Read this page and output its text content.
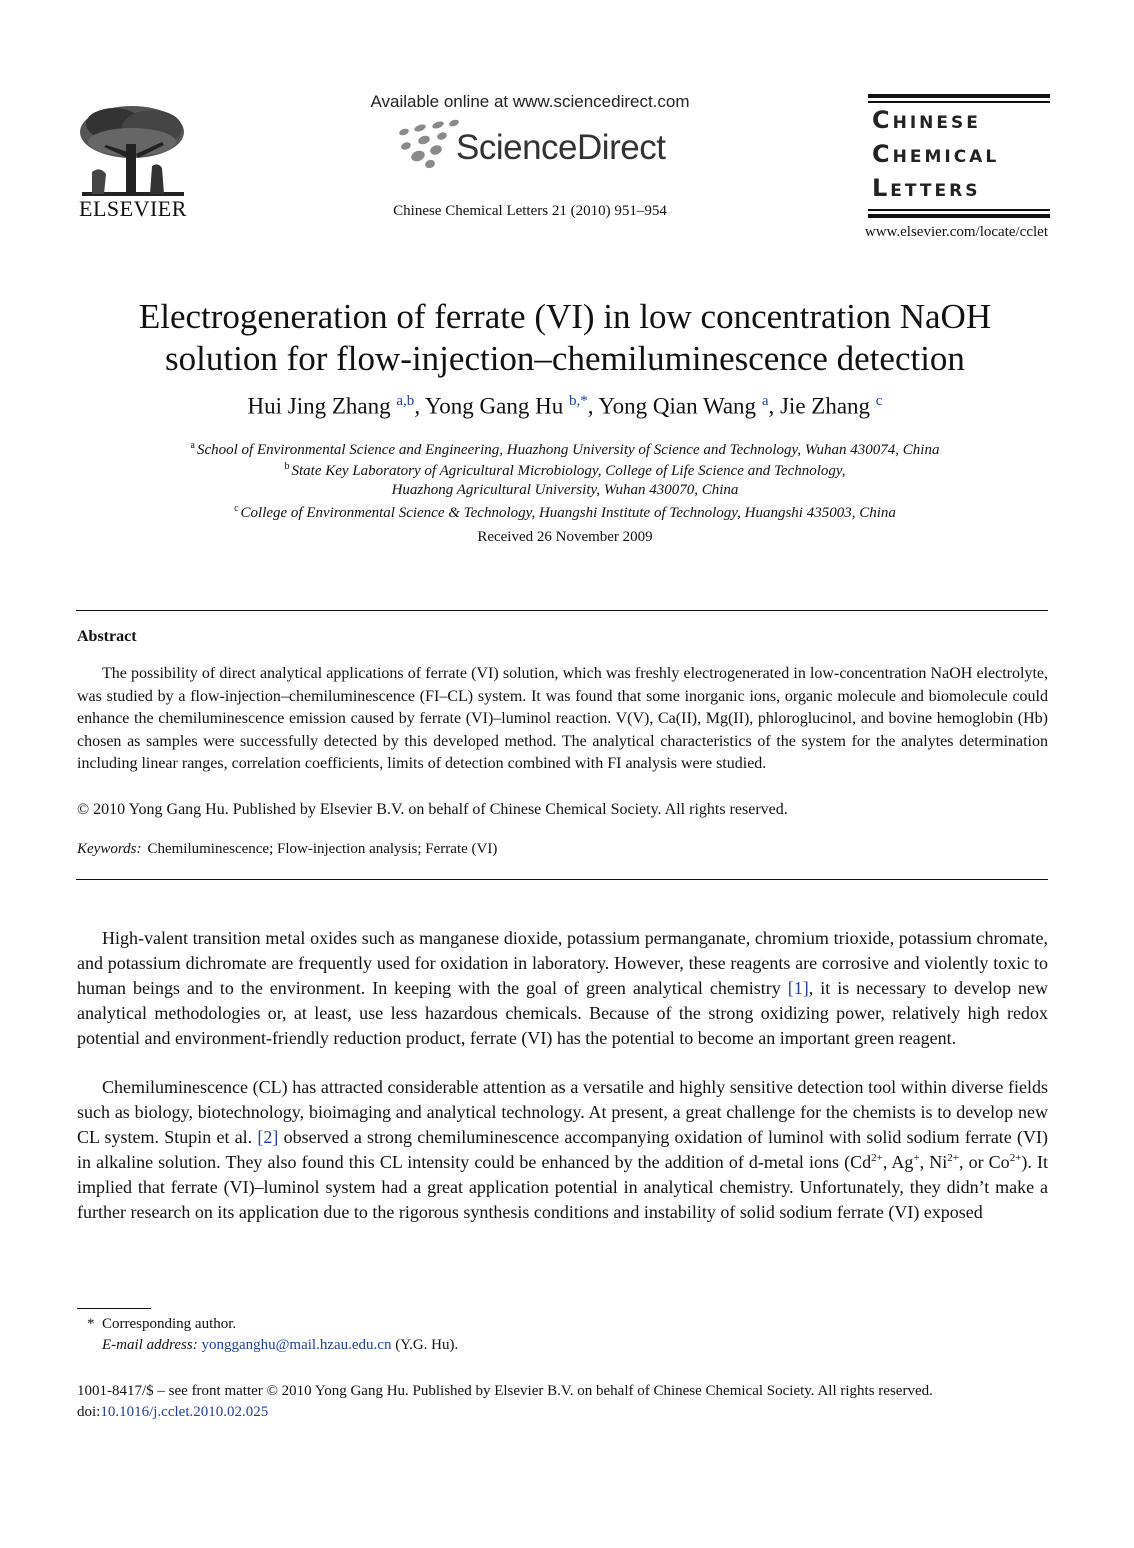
ELSEVIER
Available online at www.sciencedirect.com
ScienceDirect
Chinese Chemical Letters 21 (2010) 951–954
Chinese
Chemical
Letters
www.elsevier.com/locate/cclet
Electrogeneration of ferrate (VI) in low concentration NaOH
solution for flow-injection–chemiluminescence detection
Hui Jing Zhang $^{a,b}$, Yong Gang Hu $^{b,*}$, Yong Qian Wang $^a$, Jie Zhang $^c$
$^a$ School of Environmental Science and Engineering, Huazhong University of Science and Technology, Wuhan 430074, China
$^b$ State Key Laboratory of Agricultural Microbiology, College of Life Science and Technology,
Huazhong Agricultural University, Wuhan 430070, China
$^c$ College of Environmental Science & Technology, Huangshi Institute of Technology, Huangshi 435003, China
Received 26 November 2009
Abstract
The possibility of direct analytical applications of ferrate (VI) solution, which was freshly electrogenerated in low-concentration NaOH electrolyte, was studied by a flow-injection–chemiluminescence (FI–CL) system. It was found that some inorganic ions, organic molecule and biomolecule could enhance the chemiluminescence emission caused by ferrate (VI)–luminol reaction. V(V), Ca(II), Mg(II), phloroglucinol, and bovine hemoglobin (Hb) chosen as samples were successfully detected by this developed method. The analytical characteristics of the system for the analytes determination including linear ranges, correlation coefficients, limits of detection combined with FI analysis were studied.
© 2010 Yong Gang Hu. Published by Elsevier B.V. on behalf of Chinese Chemical Society. All rights reserved.
Keywords: Chemiluminescence; Flow-injection analysis; Ferrate (VI)
High-valent transition metal oxides such as manganese dioxide, potassium permanganate, chromium trioxide, potassium chromate, and potassium dichromate are frequently used for oxidation in laboratory. However, these reagents are corrosive and violently toxic to human beings and to the environment. In keeping with the goal of green analytical chemistry [1], it is necessary to develop new analytical methodologies or, at least, use less hazardous chemicals. Because of the strong oxidizing power, relatively high redox potential and environment-friendly reduction product, ferrate (VI) has the potential to become an important green reagent.
Chemiluminescence (CL) has attracted considerable attention as a versatile and highly sensitive detection tool within diverse fields such as biology, biotechnology, bioimaging and analytical technology. At present, a great challenge for the chemists is to develop new CL system. Stupin et al. [2] observed a strong chemiluminescence accompanying oxidation of luminol with solid sodium ferrate (VI) in alkaline solution. They also found this CL intensity could be enhanced by the addition of d-metal ions ($Cd^{2+}$, Ag+, $Ni^{2+}$, or $Co^{2+}$). It implied that ferrate (VI)–luminol system had a great application potential in analytical chemistry. Unfortunately, they didn’t make a further research on its application due to the rigorous synthesis conditions and instability of solid sodium ferrate (VI) exposed
* Corresponding author.
E-mail address: yongganghu@mail.hzau.edu.cn (Y.G. Hu).
1001-8417/$ – see front matter © 2010 Yong Gang Hu. Published by Elsevier B.V. on behalf of Chinese Chemical Society. All rights reserved.
doi:10.1016/j.cclet.2010.02.025
